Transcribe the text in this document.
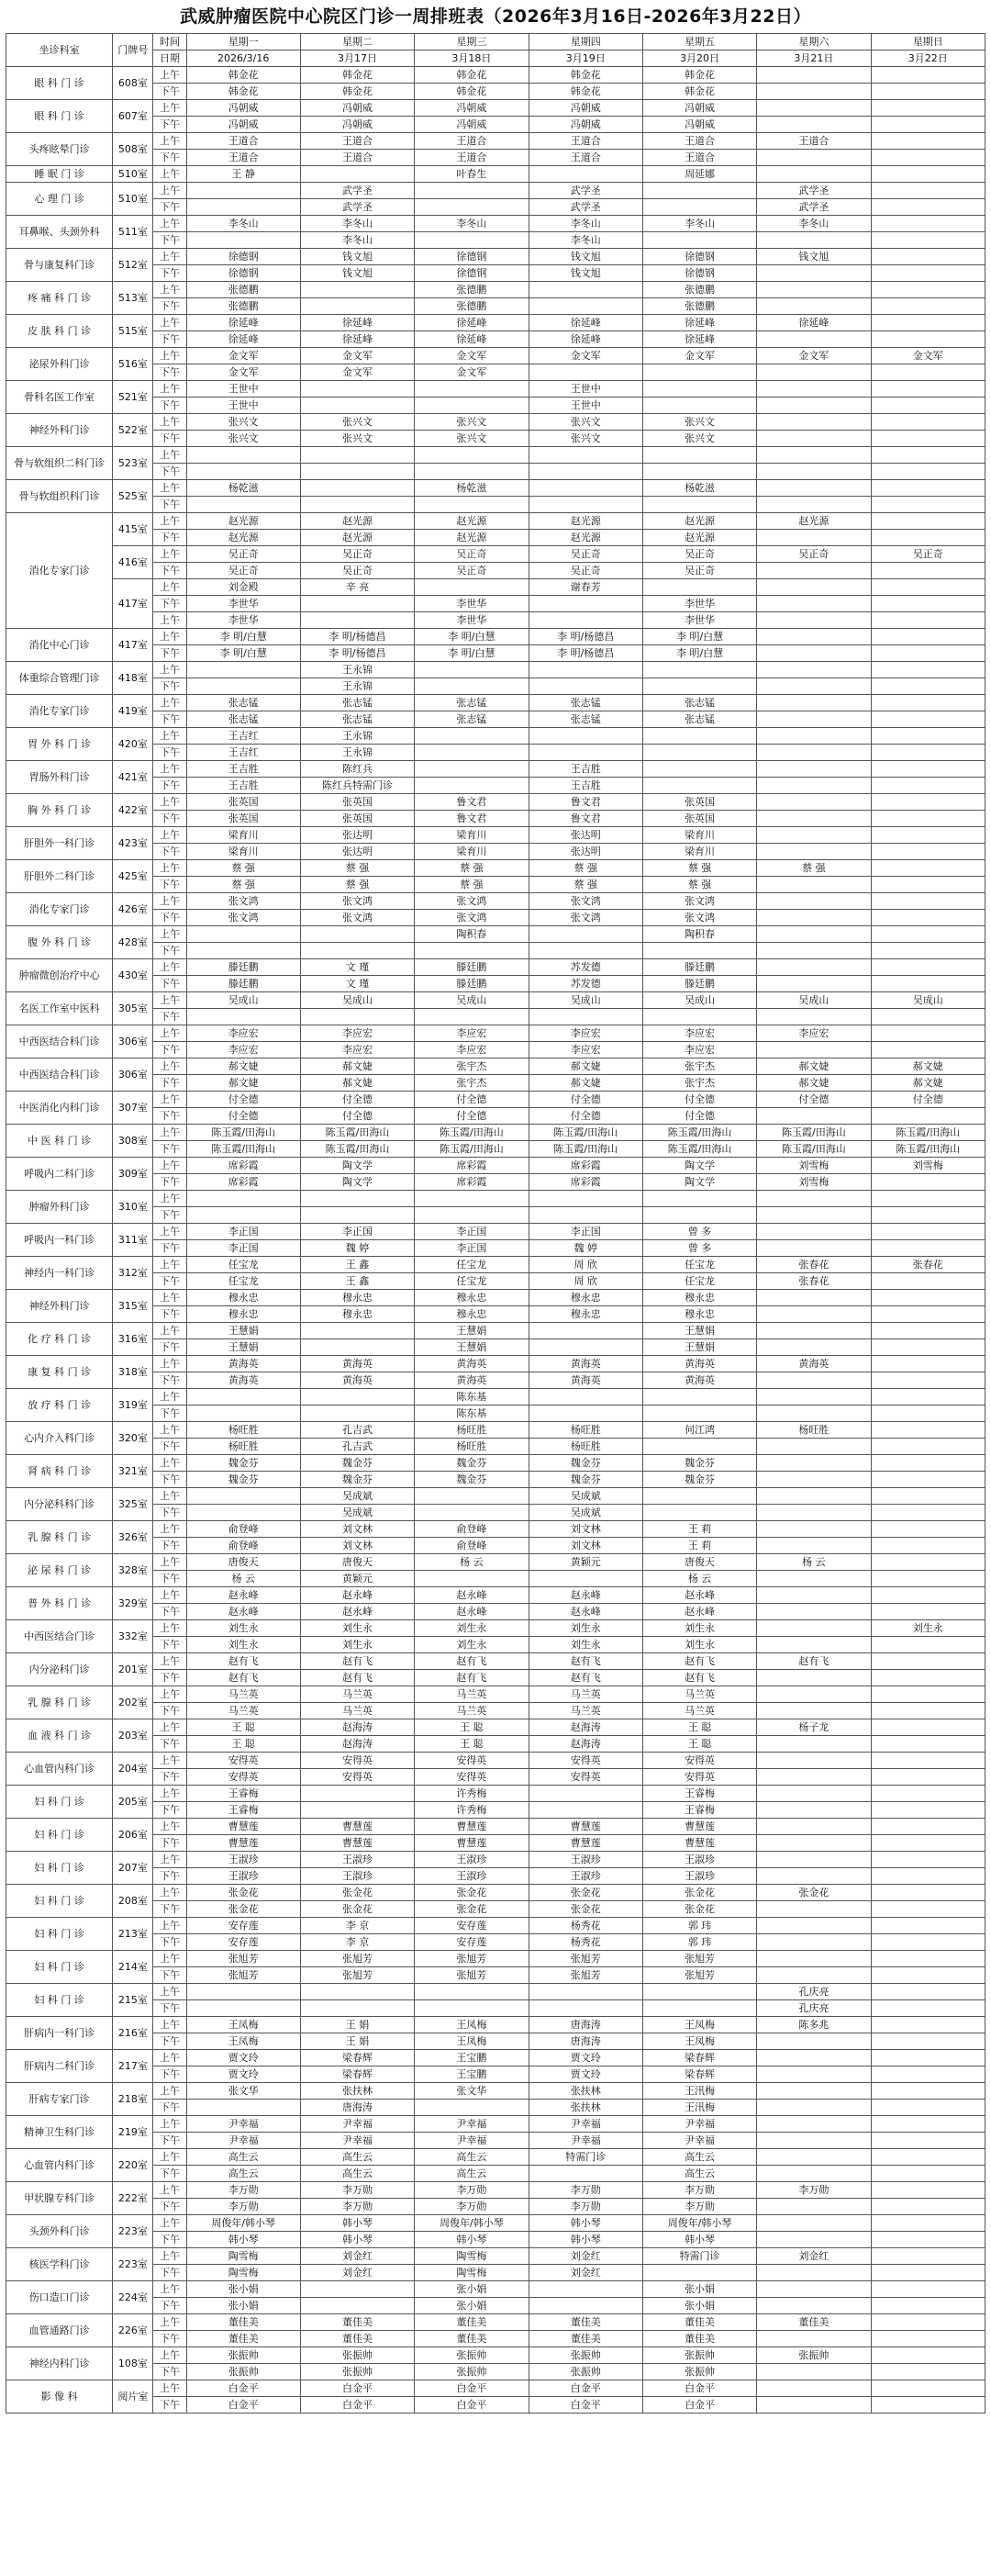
武威肿瘤医院中心院区门诊一周排班表（2026年3月16日-2026年3月22日）
坐诊科室	门牌号	时间	星期一	星期二	星期三	星期四	星期五	星期六	星期日
		日期	2026/3/16	3月17日	3月18日	3月19日	3月20日	3月21日	3月22日
眼 科 门 诊	608室	上午	韩金花	韩金花	韩金花	韩金花	韩金花		
		下午	韩金花	韩金花	韩金花	韩金花	韩金花		
眼 科 门 诊	607室	上午	冯朝威	冯朝威	冯朝威	冯朝威	冯朝威		
		下午	冯朝威	冯朝威	冯朝威	冯朝威	冯朝威		
头疼眩晕门诊	508室	上午	王道合	王道合	王道合	王道合	王道合	王道合	
		下午	王道合	王道合	王道合	王道合	王道合		
睡 眠 门 诊	510室	上午	王 静		叶春生		周延娜		
心 理 门 诊	510室	上午		武学圣		武学圣		武学圣	
		下午		武学圣		武学圣		武学圣	
耳鼻喉、头颈外科	511室	上午	李冬山	李冬山	李冬山	李冬山	李冬山	李冬山	
		下午		李冬山		李冬山			
骨与康复科门诊	512室	上午	徐德钢	钱文旭	徐德钢	钱文旭	徐德钢	钱文旭	
		下午	徐德钢	钱文旭	徐德钢	钱文旭	徐德钢		
疼 痛 科 门 诊	513室	上午	张德鹏		张德鹏		张德鹏		
		下午	张德鹏		张德鹏		张德鹏		
皮 肤 科 门 诊	515室	上午	徐延峰	徐延峰	徐延峰	徐延峰	徐延峰	徐延峰	
		下午	徐延峰	徐延峰	徐延峰	徐延峰	徐延峰		
泌尿外科门诊	516室	上午	金文军	金文军	金文军	金文军	金文军	金文军	金文军
		下午	金文军	金文军	金文军				
骨科名医工作室	521室	上午	王世中			王世中			
		下午	王世中			王世中			
神经外科门诊	522室	上午	张兴文	张兴文	张兴文	张兴文	张兴文		
		下午	张兴文	张兴文	张兴文	张兴文	张兴文		
骨与软组织二科门诊	523室	上午							
		下午							
骨与软组织科门诊	525室	上午	杨乾滋		杨乾滋		杨乾滋		
		下午							
消化专家门诊	415室	上午	赵光源	赵光源	赵光源	赵光源	赵光源	赵光源	
		下午	赵光源	赵光源	赵光源	赵光源	赵光源		
	416室	上午	吴正奇	吴正奇	吴正奇	吴正奇	吴正奇	吴正奇	吴正奇
		下午	吴正奇	吴正奇	吴正奇	吴正奇	吴正奇		
	417室	上午	刘金殿	辛 亮		谢春芳			
		下午	李世华		李世华		李世华		
		上午	李世华		李世华		李世华		
消化中心门诊	417室	上午	李 明/白慧	李 明/杨德昌	李 明/白慧	李 明/杨德昌	李 明/白慧		
		下午	李 明/白慧	李 明/杨德昌	李 明/白慧	李 明/杨德昌	李 明/白慧		
体重综合管理门诊	418室	上午		王永锦					
		下午		王永锦					
消化专家门诊	419室	上午	张志锰	张志锰	张志锰	张志锰	张志锰		
		下午	张志锰	张志锰	张志锰	张志锰	张志锰		
胃 外 科 门 诊	420室	上午	王吉红	王永锦					
		下午	王吉红	王永锦					
胃肠外科门诊	421室	上午	王吉胜	陈红兵		王吉胜			
		下午	王吉胜	陈红兵特需门诊		王吉胜			
胸 外 科 门 诊	422室	上午	张英国	张英国	鲁文君	鲁文君	张英国		
		下午	张英国	张英国	鲁文君	鲁文君	张英国		
肝胆外一科门诊	423室	上午	梁育川	张达明	梁育川	张达明	梁育川		
		下午	梁育川	张达明	梁育川	张达明	梁育川		
肝胆外二科门诊	425室	上午	蔡 强	蔡 强	蔡 强	蔡 强	蔡 强	蔡 强	
		下午	蔡 强	蔡 强	蔡 强	蔡 强	蔡 强		
消化专家门诊	426室	上午	张文鸿	张文鸿	张文鸿	张文鸿	张文鸿		
		下午	张文鸿	张文鸿	张文鸿	张文鸿	张文鸿		
腹 外 科 门 诊	428室	上午			陶积春		陶积春		
		下午							
肿瘤微创治疗中心	430室	上午	滕廷鹏	文 瑾	滕廷鹏	苏发德	滕廷鹏		
		下午	滕廷鹏	文 瑾	滕廷鹏	苏发德	滕廷鹏		
名医工作室中医科	305室	上午	吴成山	吴成山	吴成山	吴成山	吴成山	吴成山	吴成山
		下午							
中西医结合科门诊	306室	上午	李应宏	李应宏	李应宏	李应宏	李应宏	李应宏	
		下午	李应宏	李应宏	李应宏	李应宏	李应宏		
中西医结合科门诊	306室	上午	郝文婕	郝文婕	张宇杰	郝文婕	张宇杰	郝文婕	郝文婕
		下午	郝文婕	郝文婕	张宇杰	郝文婕	张宇杰	郝文婕	郝文婕
中医消化内科门诊	307室	上午	付全德	付全德	付全德	付全德	付全德	付全德	付全德
		下午	付全德	付全德	付全德	付全德	付全德		
中 医 科 门 诊	308室	上午	陈玉霞/田海山	陈玉霞/田海山	陈玉霞/田海山	陈玉霞/田海山	陈玉霞/田海山	陈玉霞/田海山	陈玉霞/田海山
		下午	陈玉霞/田海山	陈玉霞/田海山	陈玉霞/田海山	陈玉霞/田海山	陈玉霞/田海山	陈玉霞/田海山	陈玉霞/田海山
呼吸内二科门诊	309室	上午	席彩霞	陶文学	席彩霞	席彩霞	陶文学	刘雪梅	刘雪梅
		下午	席彩霞	陶文学	席彩霞	席彩霞	陶文学	刘雪梅	
肿瘤外科门诊	310室	上午							
		下午							
呼吸内一科门诊	311室	上午	李正国	李正国	李正国	李正国	曾 多		
		下午	李正国	魏 婷	李正国	魏 婷	曾 多		
神经内一科门诊	312室	上午	任宝龙	王 鑫	任宝龙	周 欣	任宝龙	张春花	张春花
		下午	任宝龙	王 鑫	任宝龙	周 欣	任宝龙	张春花	
神经外科门诊	315室	上午	穆永忠	穆永忠	穆永忠	穆永忠	穆永忠		
		下午	穆永忠	穆永忠	穆永忠	穆永忠	穆永忠		
化 疗 科 门 诊	316室	上午	王慧娟		王慧娟		王慧娟		
		下午	王慧娟		王慧娟		王慧娟		
康 复 科 门 诊	318室	上午	黄海英	黄海英	黄海英	黄海英	黄海英	黄海英	
		下午	黄海英	黄海英	黄海英	黄海英	黄海英		
放 疗 科 门 诊	319室	上午			陈东基				
		下午			陈东基				
心内介入科门诊	320室	上午	杨旺胜	孔吉武	杨旺胜	杨旺胜	何江鸿	杨旺胜	
		下午	杨旺胜	孔吉武	杨旺胜	杨旺胜			
肾 病 科 门 诊	321室	上午	魏金芬	魏金芬	魏金芬	魏金芬	魏金芬		
		下午	魏金芬	魏金芬	魏金芬	魏金芬	魏金芬		
内分泌科科门诊	325室	上午		吴成斌		吴成斌			
		下午		吴成斌		吴成斌			
乳 腺 科 门 诊	326室	上午	俞登峰	刘文林	俞登峰	刘文林	王 莉		
		下午	俞登峰	刘文林	俞登峰	刘文林	王 莉		
泌 尿 科 门 诊	328室	上午	唐俊天	唐俊天	杨 云	黄颖元	唐俊天	杨 云	
		下午	杨 云	黄颖元			杨 云		
普 外 科 门 诊	329室	上午	赵永峰	赵永峰	赵永峰	赵永峰	赵永峰		
		下午	赵永峰	赵永峰	赵永峰	赵永峰	赵永峰		
中西医结合门诊	332室	上午	刘生永	刘生永	刘生永	刘生永	刘生永		刘生永
		下午	刘生永	刘生永	刘生永	刘生永	刘生永		
内分泌科门诊	201室	上午	赵有飞	赵有飞	赵有飞	赵有飞	赵有飞	赵有飞	
		下午	赵有飞	赵有飞	赵有飞	赵有飞	赵有飞		
乳 腺 科 门 诊	202室	上午	马兰英	马兰英	马兰英	马兰英	马兰英		
		下午	马兰英	马兰英	马兰英	马兰英	马兰英		
血 液 科 门 诊	203室	上午	王 聪	赵海涛	王 聪	赵海涛	王 聪	杨子龙	
		下午	王 聪	赵海涛	王 聪	赵海涛	王 聪		
心血管内科门诊	204室	上午	安得英	安得英	安得英	安得英	安得英		
		下午	安得英	安得英	安得英	安得英	安得英		
妇 科 门 诊	205室	上午	王睿梅		许秀梅		王睿梅		
		下午	王睿梅		许秀梅		王睿梅		
妇 科 门 诊	206室	上午	曹慧莲	曹慧莲	曹慧莲	曹慧莲	曹慧莲		
		下午	曹慧莲	曹慧莲	曹慧莲	曹慧莲	曹慧莲		
妇 科 门 诊	207室	上午	王淑珍	王淑珍	王淑珍	王淑珍	王淑珍		
		下午	王淑珍	王淑珍	王淑珍	王淑珍	王淑珍		
妇 科 门 诊	208室	上午	张金花	张金花	张金花	张金花	张金花	张金花	
		下午	张金花	张金花	张金花	张金花	张金花		
妇 科 门 诊	213室	上午	安存莲	李 京	安存莲	杨秀花	郭 玮		
		下午	安存莲	李 京	安存莲	杨秀花	郭 玮		
妇 科 门 诊	214室	上午	张旭芳	张旭芳	张旭芳	张旭芳	张旭芳		
		下午	张旭芳	张旭芳	张旭芳	张旭芳	张旭芳		
妇 科 门 诊	215室	上午						孔庆亮	
		下午						孔庆亮	
肝病内一科门诊	216室	上午	王凤梅	王 娟	王凤梅	唐海涛	王凤梅	陈多兆	
		下午	王凤梅	王 娟	王凤梅	唐海涛	王凤梅		
肝病内二科门诊	217室	上午	贾文玲	梁春辉	王宝鹏	贾文玲	梁春辉		
		下午	贾文玲	梁春辉	王宝鹏	贾文玲	梁春辉		
肝病专家门诊	218室	上午	张文华	张扶林	张文华	张扶林	王汛梅		
		下午		唐海涛		张扶林	王汛梅		
精神卫生科门诊	219室	上午	尹幸福	尹幸福	尹幸福	尹幸福	尹幸福		
		下午	尹幸福	尹幸福	尹幸福	尹幸福	尹幸福		
心血管内科门诊	220室	上午	高生云	高生云	高生云	特需门诊	高生云		
		下午	高生云	高生云	高生云		高生云		
甲状腺专科门诊	222室	上午	李万勋	李万勋	李万勋	李万勋	李万勋	李万勋	
		下午	李万勋	李万勋	李万勋	李万勋	李万勋		
头颈外科门诊	223室	上午	周俊年/韩小琴	韩小琴	周俊年/韩小琴	韩小琴	周俊年/韩小琴		
		下午	韩小琴	韩小琴	韩小琴	韩小琴	韩小琴		
核医学科门诊	223室	上午	陶雪梅	刘金红	陶雪梅	刘金红	特需门诊	刘金红	
		下午	陶雪梅	刘金红	陶雪梅	刘金红			
伤口造口门诊	224室	上午	张小娟		张小娟		张小娟		
		下午	张小娟		张小娟		张小娟		
血管通路门诊	226室	上午	董佳美	董佳美	董佳美	董佳美	董佳美	董佳美	
		下午	董佳美	董佳美	董佳美	董佳美	董佳美		
神经内科门诊	108室	上午	张振帅	张振帅	张振帅	张振帅	张振帅	张振帅	
		下午	张振帅	张振帅	张振帅	张振帅	张振帅		
影 像 科	阅片室	上午	白金平	白金平	白金平	白金平	白金平		
		下午	白金平	白金平	白金平	白金平	白金平		
